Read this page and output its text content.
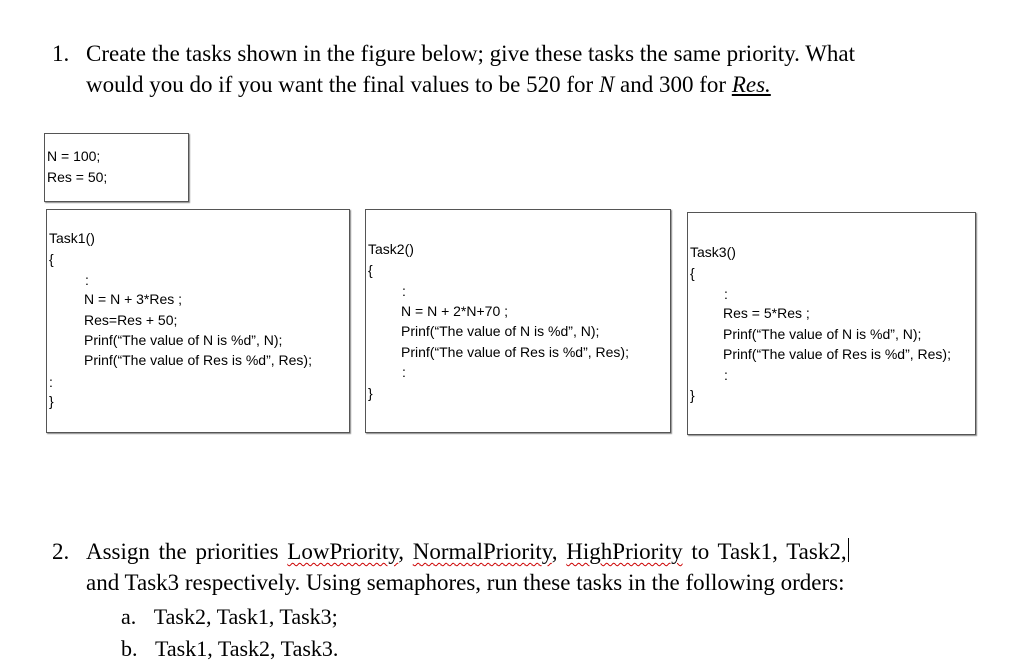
1. Create the tasks shown in the figure below; give these tasks the same priority. What
would you do if you want the final values to be 520 for N and 300 for Res.
N = 100;
Res = 50;
Task1()
{
:
N = N + 3*Res ;
Res=Res + 50;
Prinf(“The value of N is %d”, N);
Prinf(“The value of Res is %d”, Res);
:
}
Task2()
{
:
N = N + 2*N+70 ;
Prinf(“The value of N is %d”, N);
Prinf(“The value of Res is %d”, Res);
:
}
Task3()
{
:
Res = 5*Res ;
Prinf(“The value of N is %d”, N);
Prinf(“The value of Res is %d”, Res);
:
}
2. Assign the priorities LowPriority, NormalPriority, HighPriority to Task1, Task2,
and Task3 respectively. Using semaphores, run these tasks in the following orders:
a. Task2, Task1, Task3;
b. Task1, Task2, Task3.
